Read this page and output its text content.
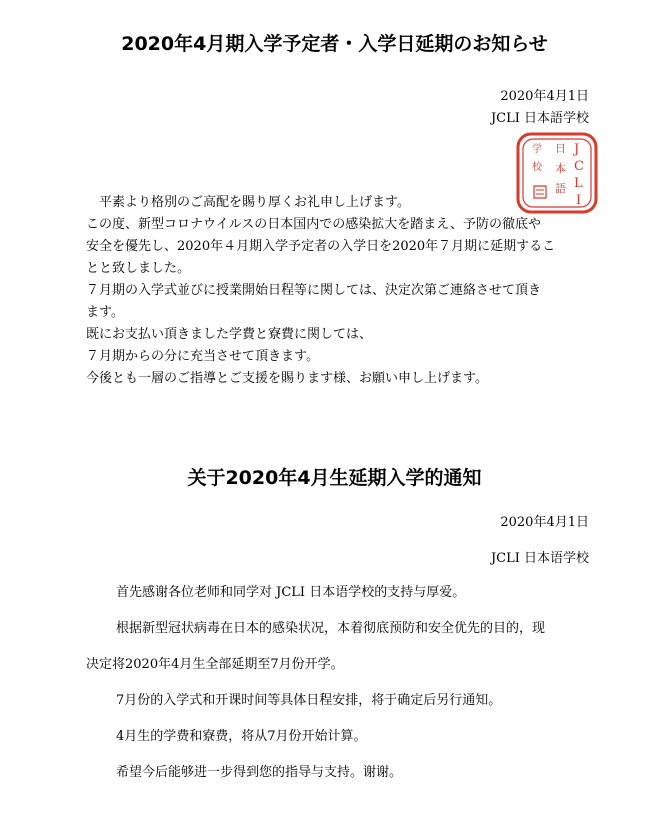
2020年4月期入学予定者・入学日延期のお知らせ
2020年4月1日
JCLI 日本語学校
学
校
日
本
語
J
C
L
I

　平素より格別のご高配を賜り厚くお礼申し上げます。

この度、新型コロナウイルスの日本国内での感染拡大を踏まえ、予防の徹底や

安全を優先し、2020年４月期入学予定者の入学日を2020年７月期に延期するこ

とと致しました。

７月期の入学式並びに授業開始日程等に関しては、決定次第ご連絡させて頂き

ます。

既にお支払い頂きました学費と寮費に関しては、

７月期からの分に充当させて頂きます。

今後とも一層のご指導とご支援を賜ります様、お願い申し上げます。

关于2020年4月生延期入学的通知
2020年4月1日
JCLI 日本语学校
首先感谢各位老师和同学对 JCLI 日本语学校的支持与厚爱。
根据新型冠状病毒在日本的感染状况，本着彻底预防和安全优先的目的，现
决定将2020年4月生全部延期至7月份开学。
7月份的入学式和开课时间等具体日程安排，将于确定后另行通知。
4月生的学费和寮费，将从7月份开始计算。
希望今后能够进一步得到您的指导与支持。谢谢。
